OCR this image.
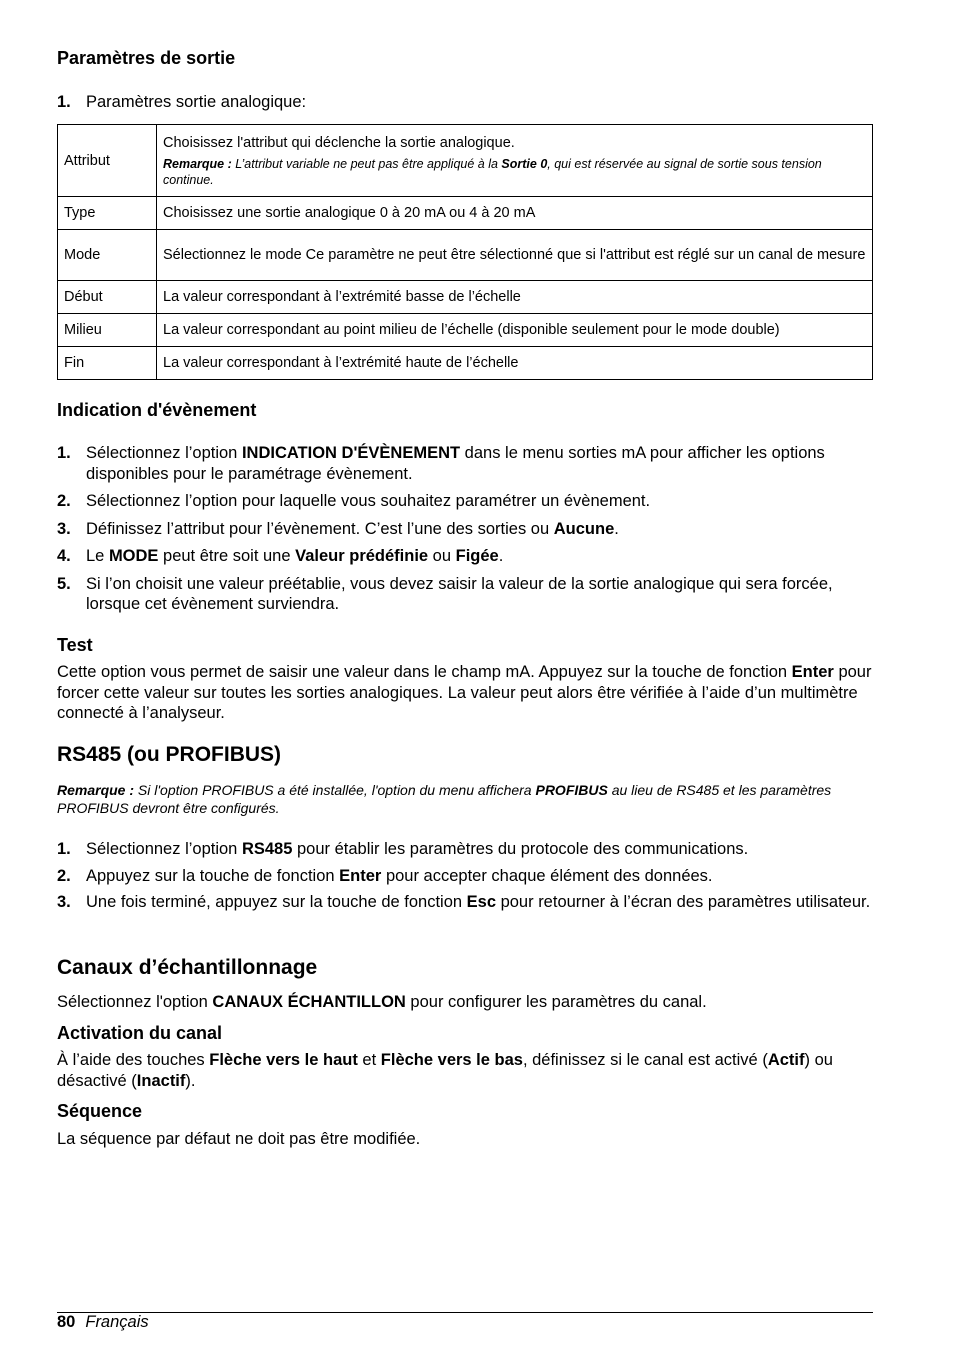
Paramètres de sortie

1. Paramètres sortie analogique:
Attribut	Choisissez l'attribut qui déclenche la sortie analogique.
Remarque : L’attribut variable ne peut pas être appliqué à la Sortie 0, qui est réservée au signal de sortie sous tension continue.

Type	Choisissez une sortie analogique 0 à 20 mA ou 4 à 20 mA
Mode	Sélectionnez le mode Ce paramètre ne peut être sélectionné que si l'attribut est réglé sur un canal de mesure
Début	La valeur correspondant à l’extrémité basse de l’échelle
Milieu	La valeur correspondant au point milieu de l’échelle (disponible seulement pour le mode double)
Fin	La valeur correspondant à l’extrémité haute de l’échelle

Indication d'évènement

1. Sélectionnez l’option INDICATION D'ÉVÈNEMENT dans le menu sorties mA pour afficher les options disponibles pour le paramétrage évènement.
2. Sélectionnez l’option pour laquelle vous souhaitez paramétrer un évènement.
3. Définissez l’attribut pour l’évènement. C’est l’une des sorties ou Aucune.
4. Le MODE peut être soit une Valeur prédéfinie ou Figée.
5. Si l’on choisit une valeur préétablie, vous devez saisir la valeur de la sortie analogique qui sera forcée, lorsque cet évènement surviendra.

Test

Cette option vous permet de saisir une valeur dans le champ mA. Appuyez sur la touche de fonction Enter pour forcer cette valeur sur toutes les sorties analogiques. La valeur peut alors être vérifiée à l’aide d’un multimètre connecté à l’analyseur.

RS485 (ou PROFIBUS)

Remarque : Si l'option PROFIBUS a été installée, l'option du menu affichera PROFIBUS au lieu de RS485 et les paramètres PROFIBUS devront être configurés.

1. Sélectionnez l’option RS485 pour établir les paramètres du protocole des communications.
2. Appuyez sur la touche de fonction Enter pour accepter chaque élément des données.
3. Une fois terminé, appuyez sur la touche de fonction Esc pour retourner à l’écran des paramètres utilisateur.

Canaux d’échantillonnage

Sélectionnez l'option CANAUX ÉCHANTILLON pour configurer les paramètres du canal.

Activation du canal

À l’aide des touches Flèche vers le haut et Flèche vers le bas, définissez si le canal est activé (Actif) ou désactivé (Inactif).

Séquence

La séquence par défaut ne doit pas être modifiée.

80 Français
